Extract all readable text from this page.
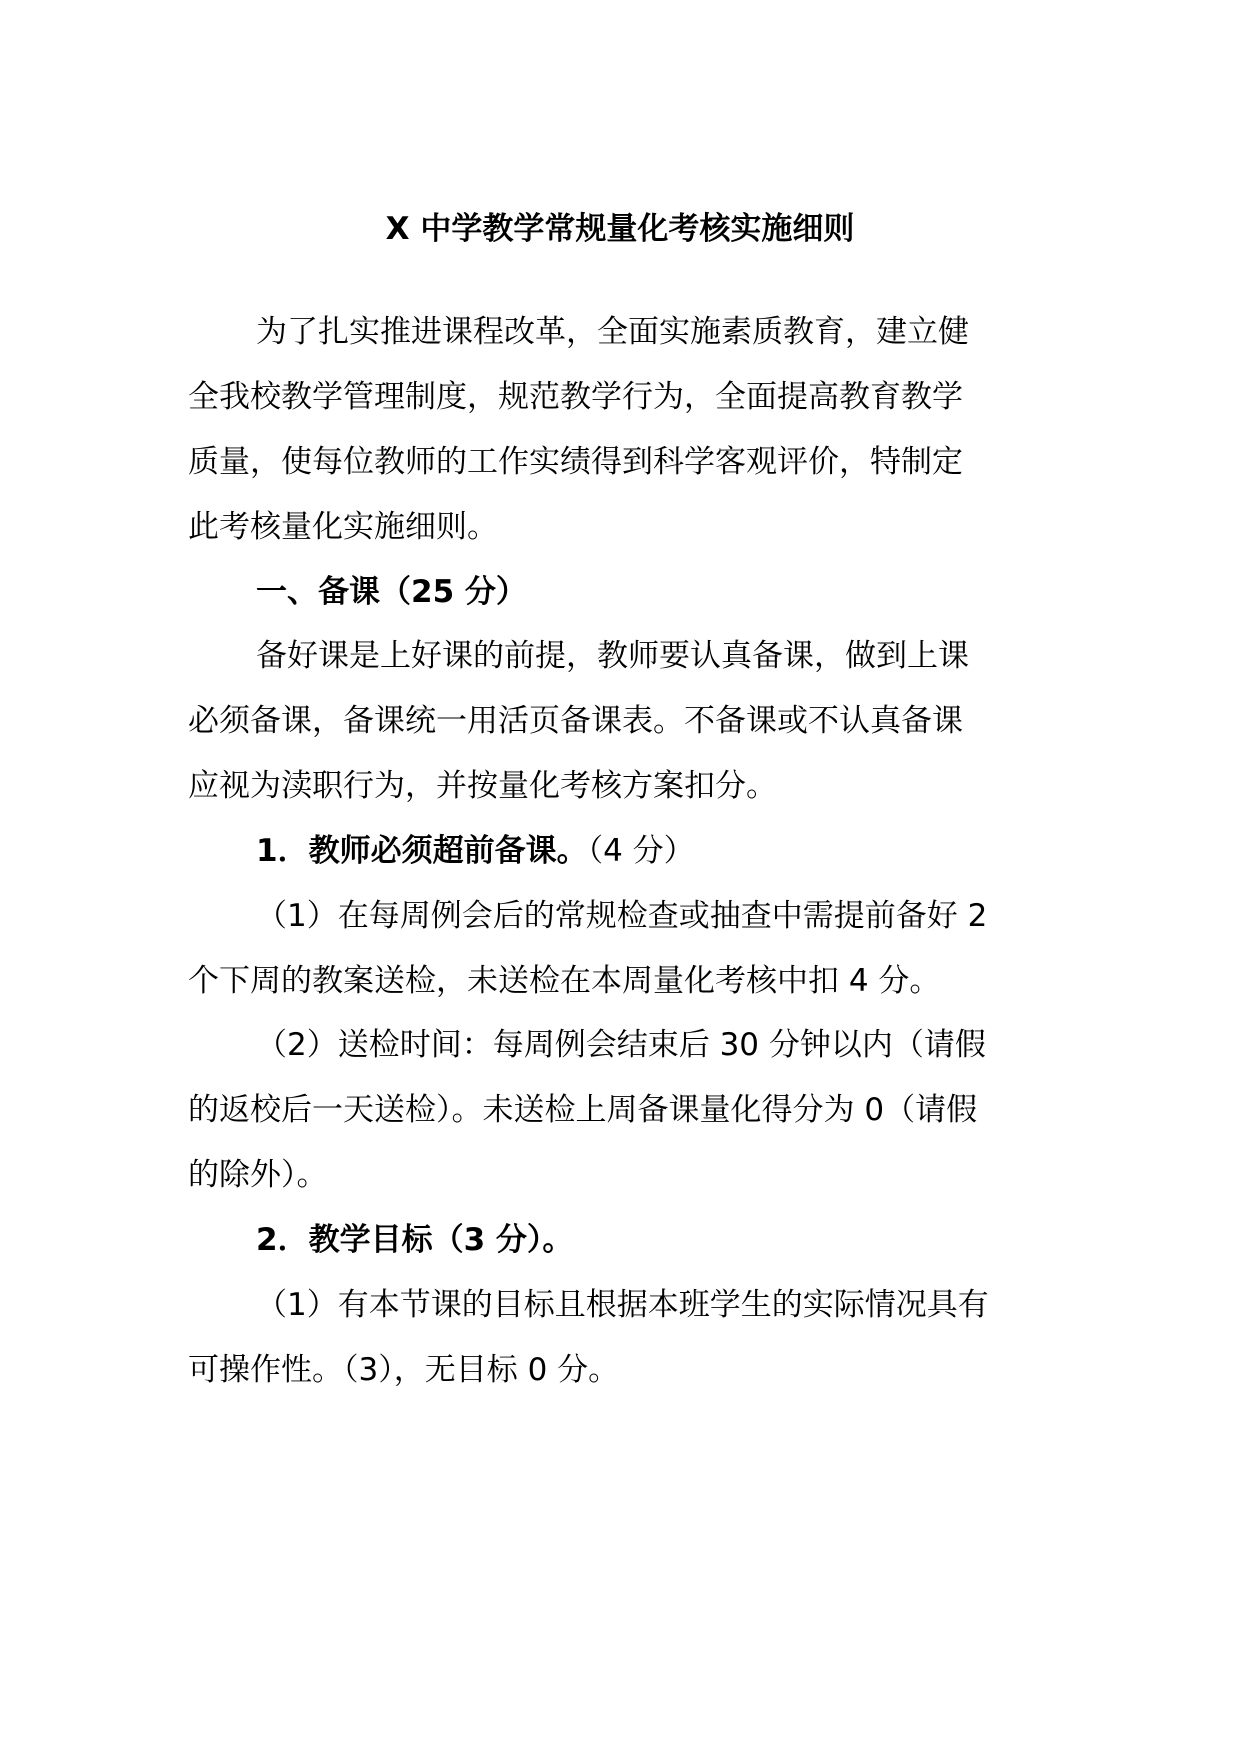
X 中学教学常规量化考核实施细则
为了扎实推进课程改革，全面实施素质教育，建立健
全我校教学管理制度，规范教学行为，全面提高教育教学
质量，使每位教师的工作实绩得到科学客观评价，特制定
此考核量化实施细则。
一、备课（25 分）
备好课是上好课的前提，教师要认真备课，做到上课
必须备课，备课统一用活页备课表。不备课或不认真备课
应视为渎职行为，并按量化考核方案扣分。
1．教师必须超前备课。（4 分）
（1）在每周例会后的常规检查或抽查中需提前备好 2
个下周的教案送检，未送检在本周量化考核中扣 4 分。
（2）送检时间：每周例会结束后 30 分钟以内（请假
的返校后一天送检）。未送检上周备课量化得分为 0（请假
的除外）。
2．教学目标（3 分）。
（1）有本节课的目标且根据本班学生的实际情况具有
可操作性。（3），无目标 0 分。
